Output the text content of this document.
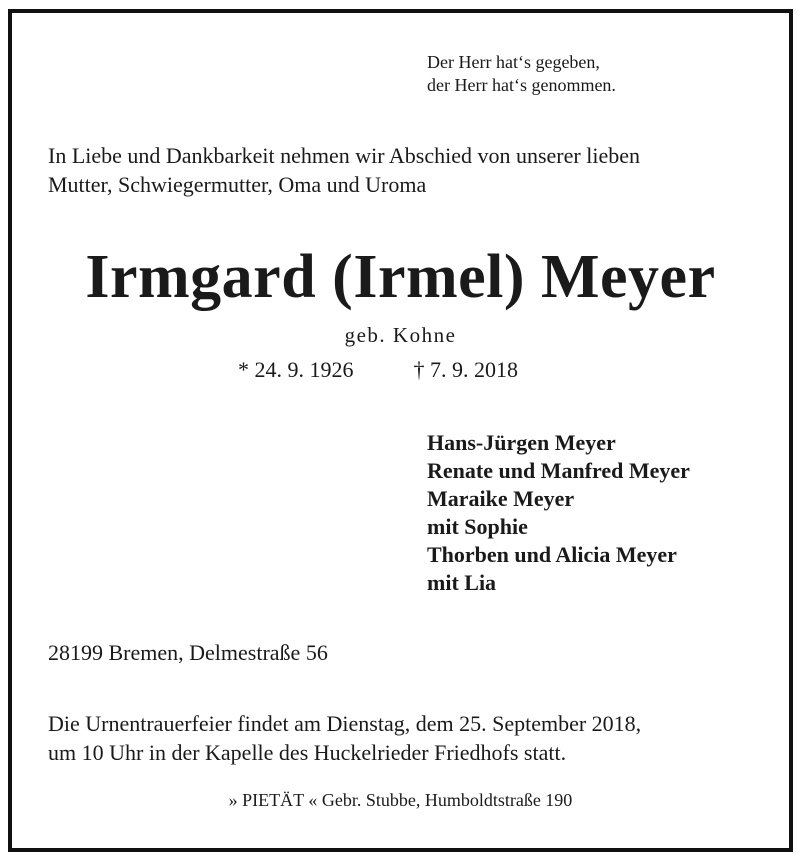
Der Herr hat‘s gegeben,
der Herr hat‘s genommen.
In Liebe und Dankbarkeit nehmen wir Abschied von unserer lieben
Mutter, Schwiegermutter, Oma und Uroma
Irmgard (Irmel) Meyer
geb. Kohne
* 24. 9. 1926	† 7. 9. 2018
Hans-Jürgen Meyer
Renate und Manfred Meyer
Maraike Meyer
mit Sophie
Thorben und Alicia Meyer
mit Lia
28199 Bremen, Delmestraße 56
Die Urnentrauerfeier findet am Dienstag, dem 25. September 2018,
um 10 Uhr in der Kapelle des Huckelrieder Friedhofs statt.
» PIETÄT « Gebr. Stubbe, Humboldtstraße 190
